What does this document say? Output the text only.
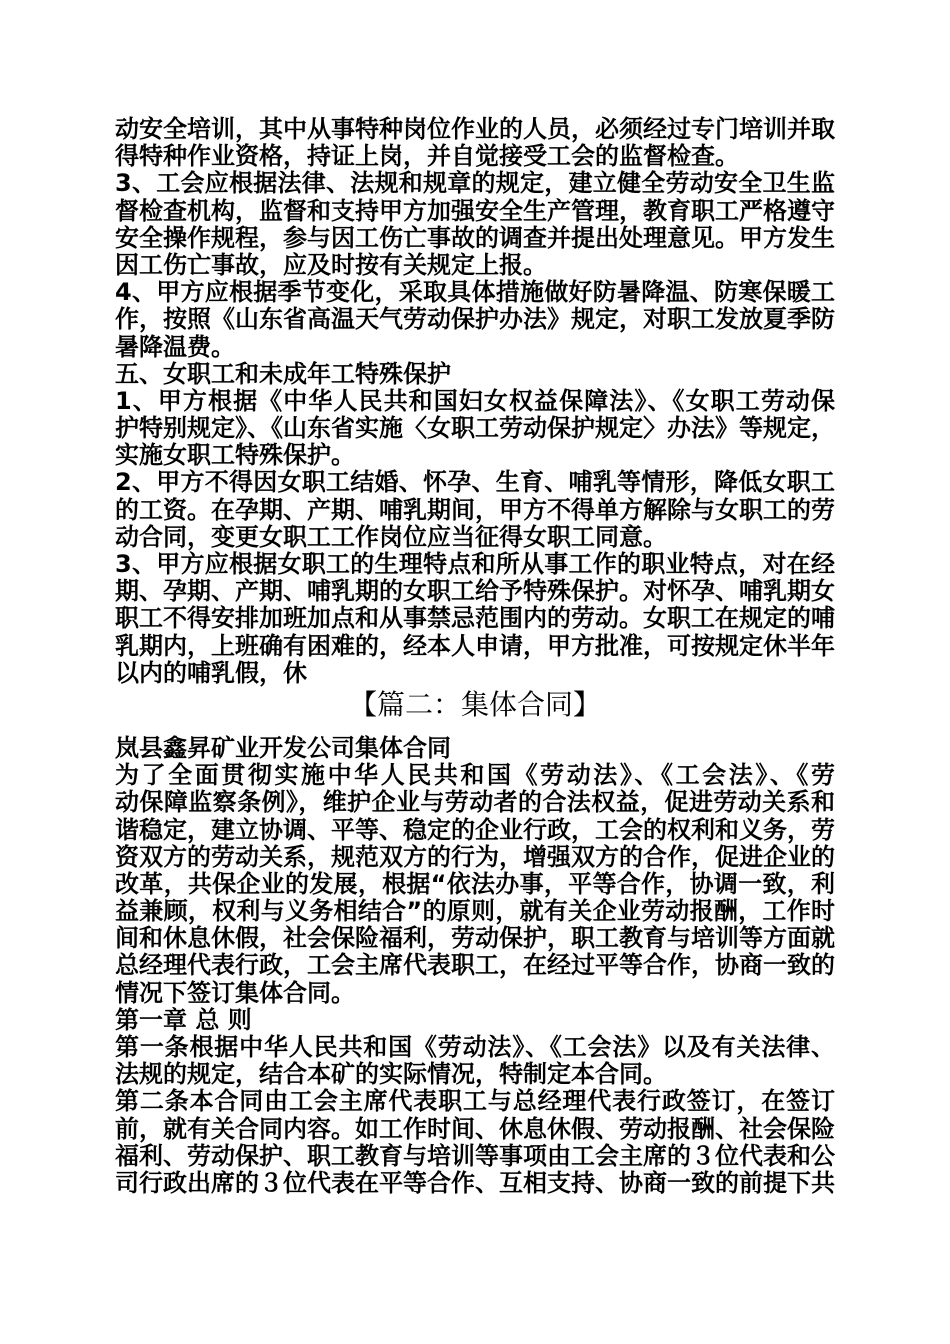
动安全培训，其中从事特种岗位作业的人员，必须经过专门培训并取
得特种作业资格，持证上岗，并自觉接受工会的监督检查。
3、工会应根据法律、法规和规章的规定，建立健全劳动安全卫生监
督检查机构，监督和支持甲方加强安全生产管理，教育职工严格遵守
安全操作规程，参与因工伤亡事故的调查并提出处理意见。甲方发生
因工伤亡事故，应及时按有关规定上报。
4、甲方应根据季节变化，采取具体措施做好防暑降温、防寒保暖工
作，按照《山东省高温天气劳动保护办法》规定，对职工发放夏季防
暑降温费。
五、女职工和未成年工特殊保护
1、甲方根据《中华人民共和国妇女权益保障法》、《女职工劳动保
护特别规定》、《山东省实施〈女职工劳动保护规定〉办法》等规定，
实施女职工特殊保护。
2、甲方不得因女职工结婚、怀孕、生育、哺乳等情形，降低女职工
的工资。在孕期、产期、哺乳期间，甲方不得单方解除与女职工的劳
动合同，变更女职工工作岗位应当征得女职工同意。
3、甲方应根据女职工的生理特点和所从事工作的职业特点，对在经
期、孕期、产期、哺乳期的女职工给予特殊保护。对怀孕、哺乳期女
职工不得安排加班加点和从事禁忌范围内的劳动。女职工在规定的哺
乳期内，上班确有困难的，经本人申请，甲方批准，可按规定休半年
以内的哺乳假，休
【篇二：集体合同】
岚县鑫昇矿业开发公司集体合同
为了全面贯彻实施中华人民共和国《劳动法》、《工会法》、《劳
动保障监察条例》，维护企业与劳动者的合法权益，促进劳动关系和
谐稳定，建立协调、平等、稳定的企业行政，工会的权利和义务，劳
资双方的劳动关系，规范双方的行为，增强双方的合作，促进企业的
改革，共保企业的发展，根据“依法办事，平等合作，协调一致，利
益兼顾，权利与义务相结合”的原则，就有关企业劳动报酬，工作时
间和休息休假，社会保险福利，劳动保护，职工教育与培训等方面就
总经理代表行政，工会主席代表职工，在经过平等合作，协商一致的
情况下签订集体合同。
第一章 总 则
第一条根据中华人民共和国《劳动法》、《工会法》以及有关法律、
法规的规定，结合本矿的实际情况，特制定本合同。
第二条本合同由工会主席代表职工与总经理代表行政签订，在签订
前，就有关合同内容。如工作时间、休息休假、劳动报酬、社会保险
福利、劳动保护、职工教育与培训等事项由工会主席的３位代表和公
司行政出席的３位代表在平等合作、互相支持、协商一致的前提下共
